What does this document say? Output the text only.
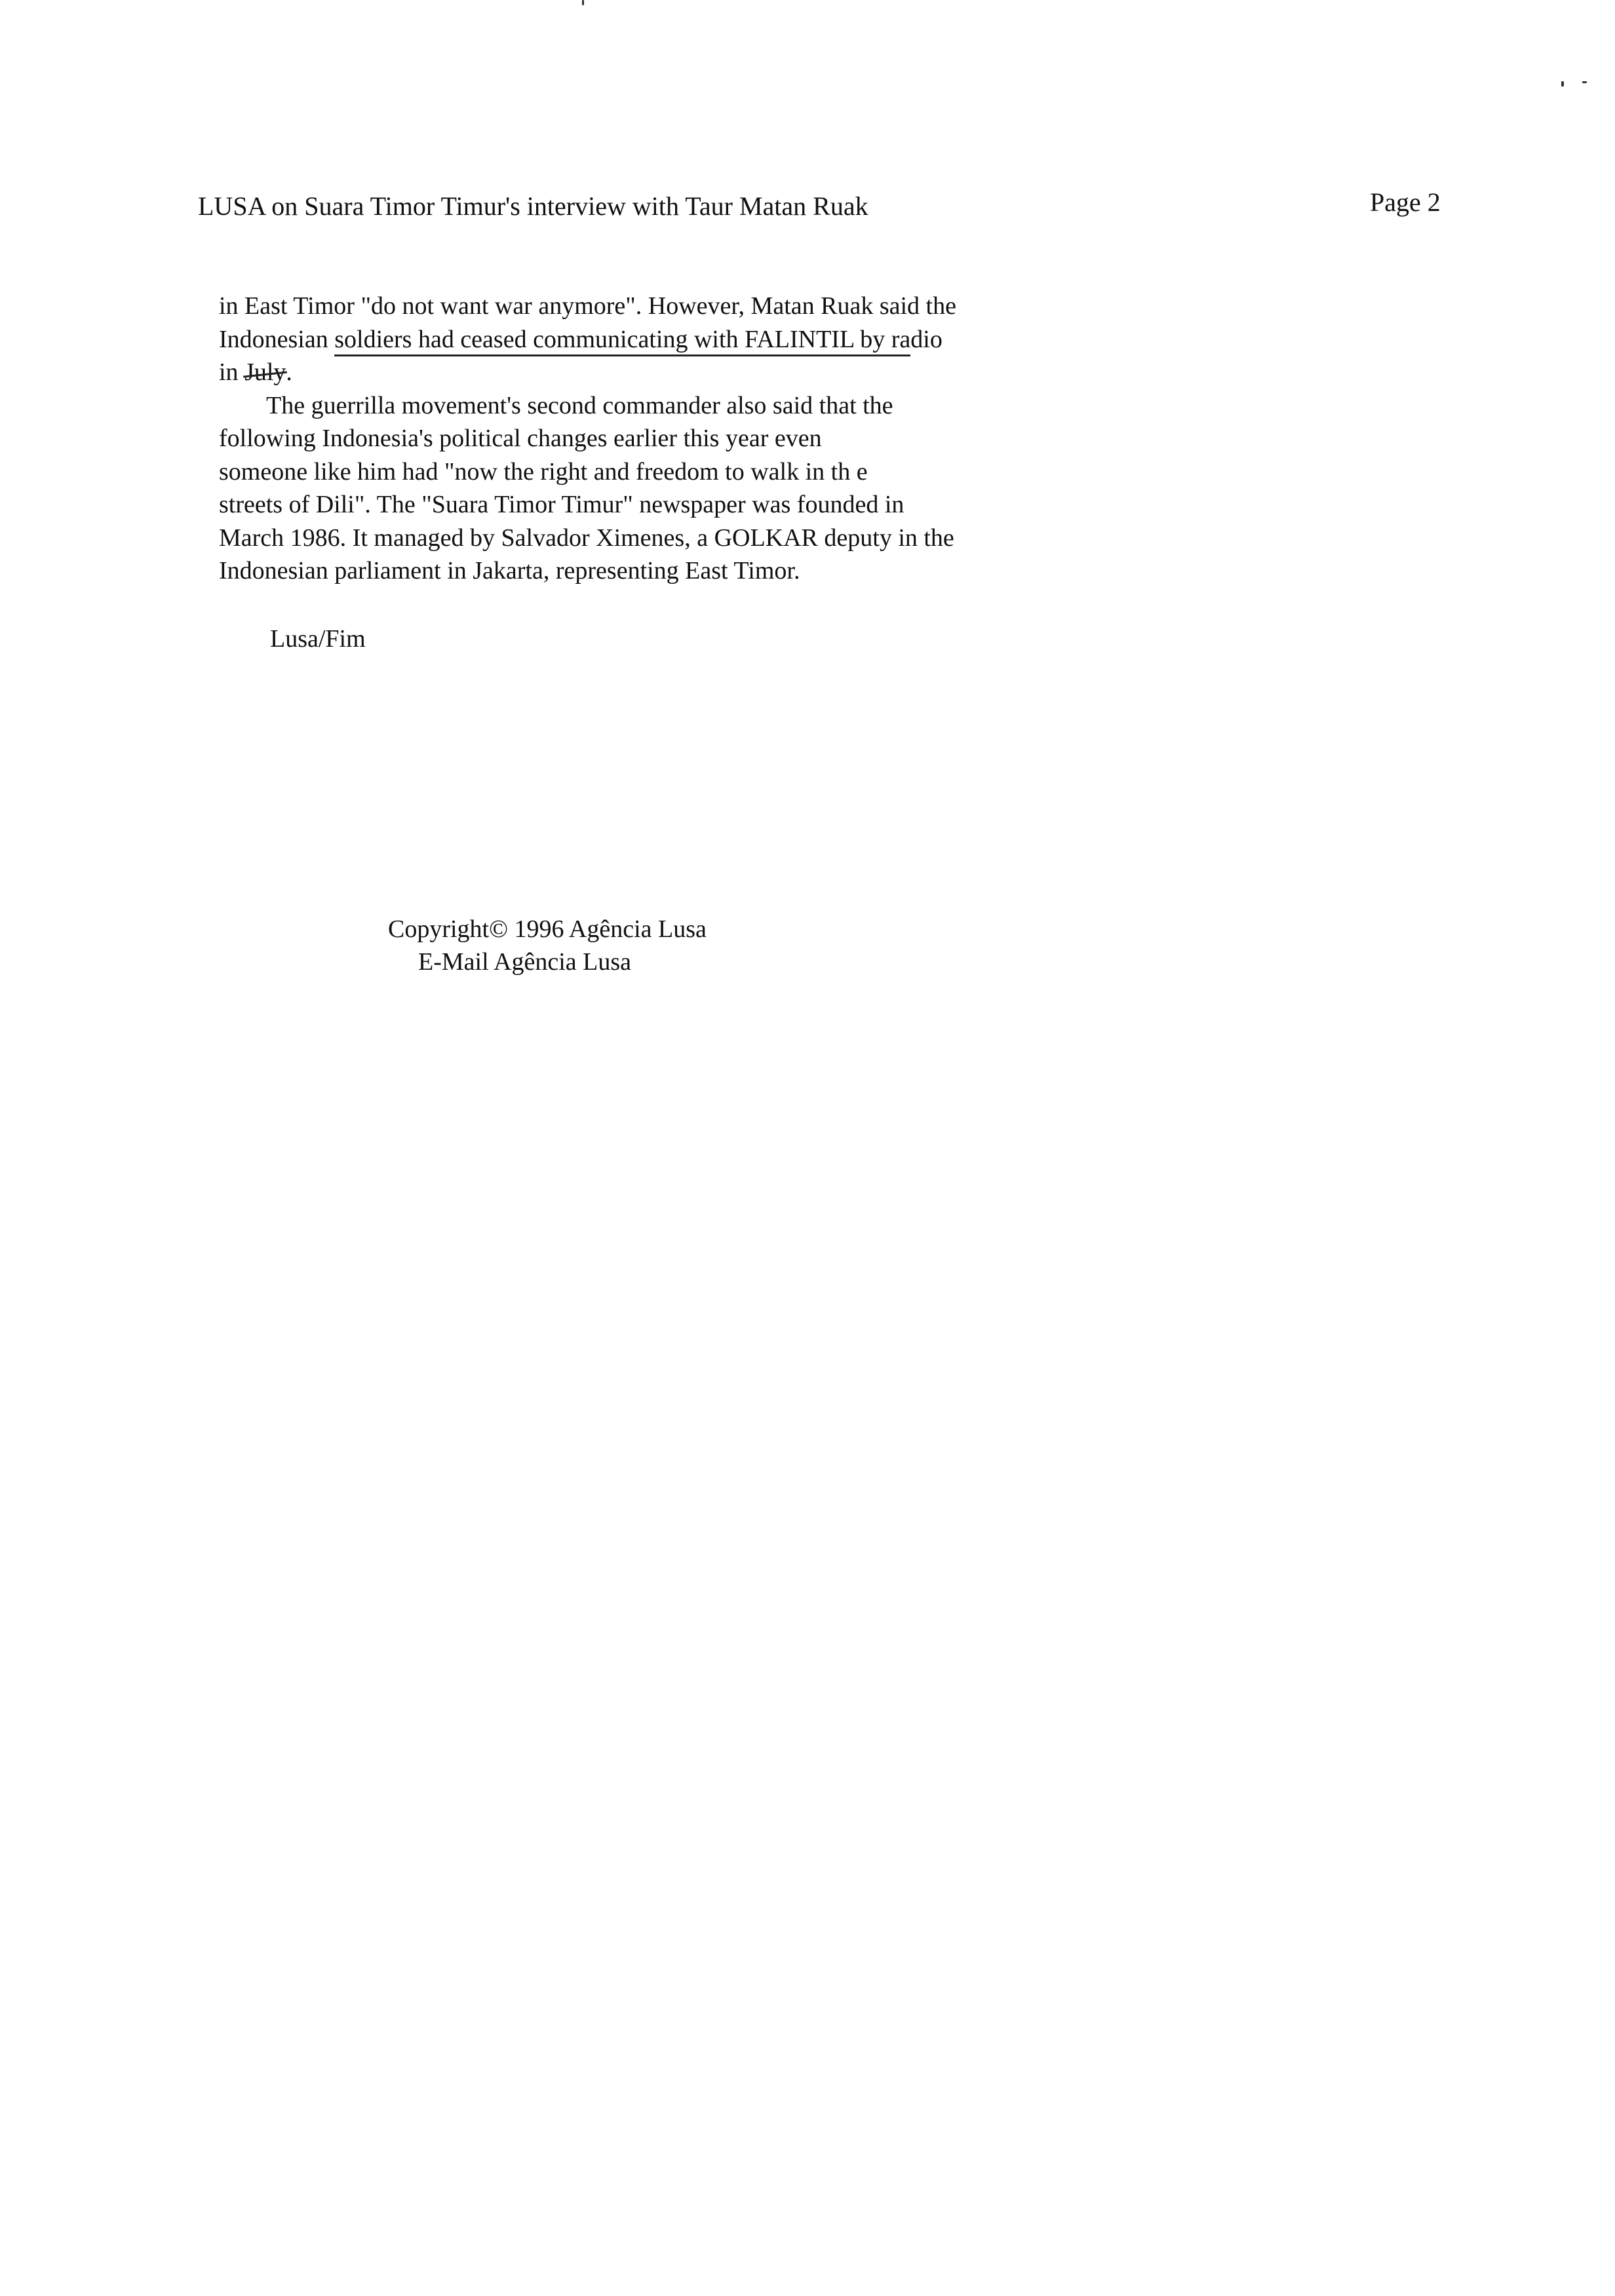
LUSA on Suara Timor Timur's interview with Taur Matan Ruak	Page 2
in East Timor "do not want war anymore". However, Matan Ruak said the
Indonesian soldiers had ceased communicating with FALINTIL by radio
in July.
The guerrilla movement's second commander also said that the
following Indonesia's political changes earlier this year even
someone like him had "now the right and freedom to walk in th e
streets of Dili". The "Suara Timor Timur" newspaper was founded in
March 1986. It managed by Salvador Ximenes, a GOLKAR deputy in the
Indonesian parliament in Jakarta, representing East Timor.
Lusa/Fim
Copyright© 1996 Agência Lusa
E-Mail Agência Lusa
